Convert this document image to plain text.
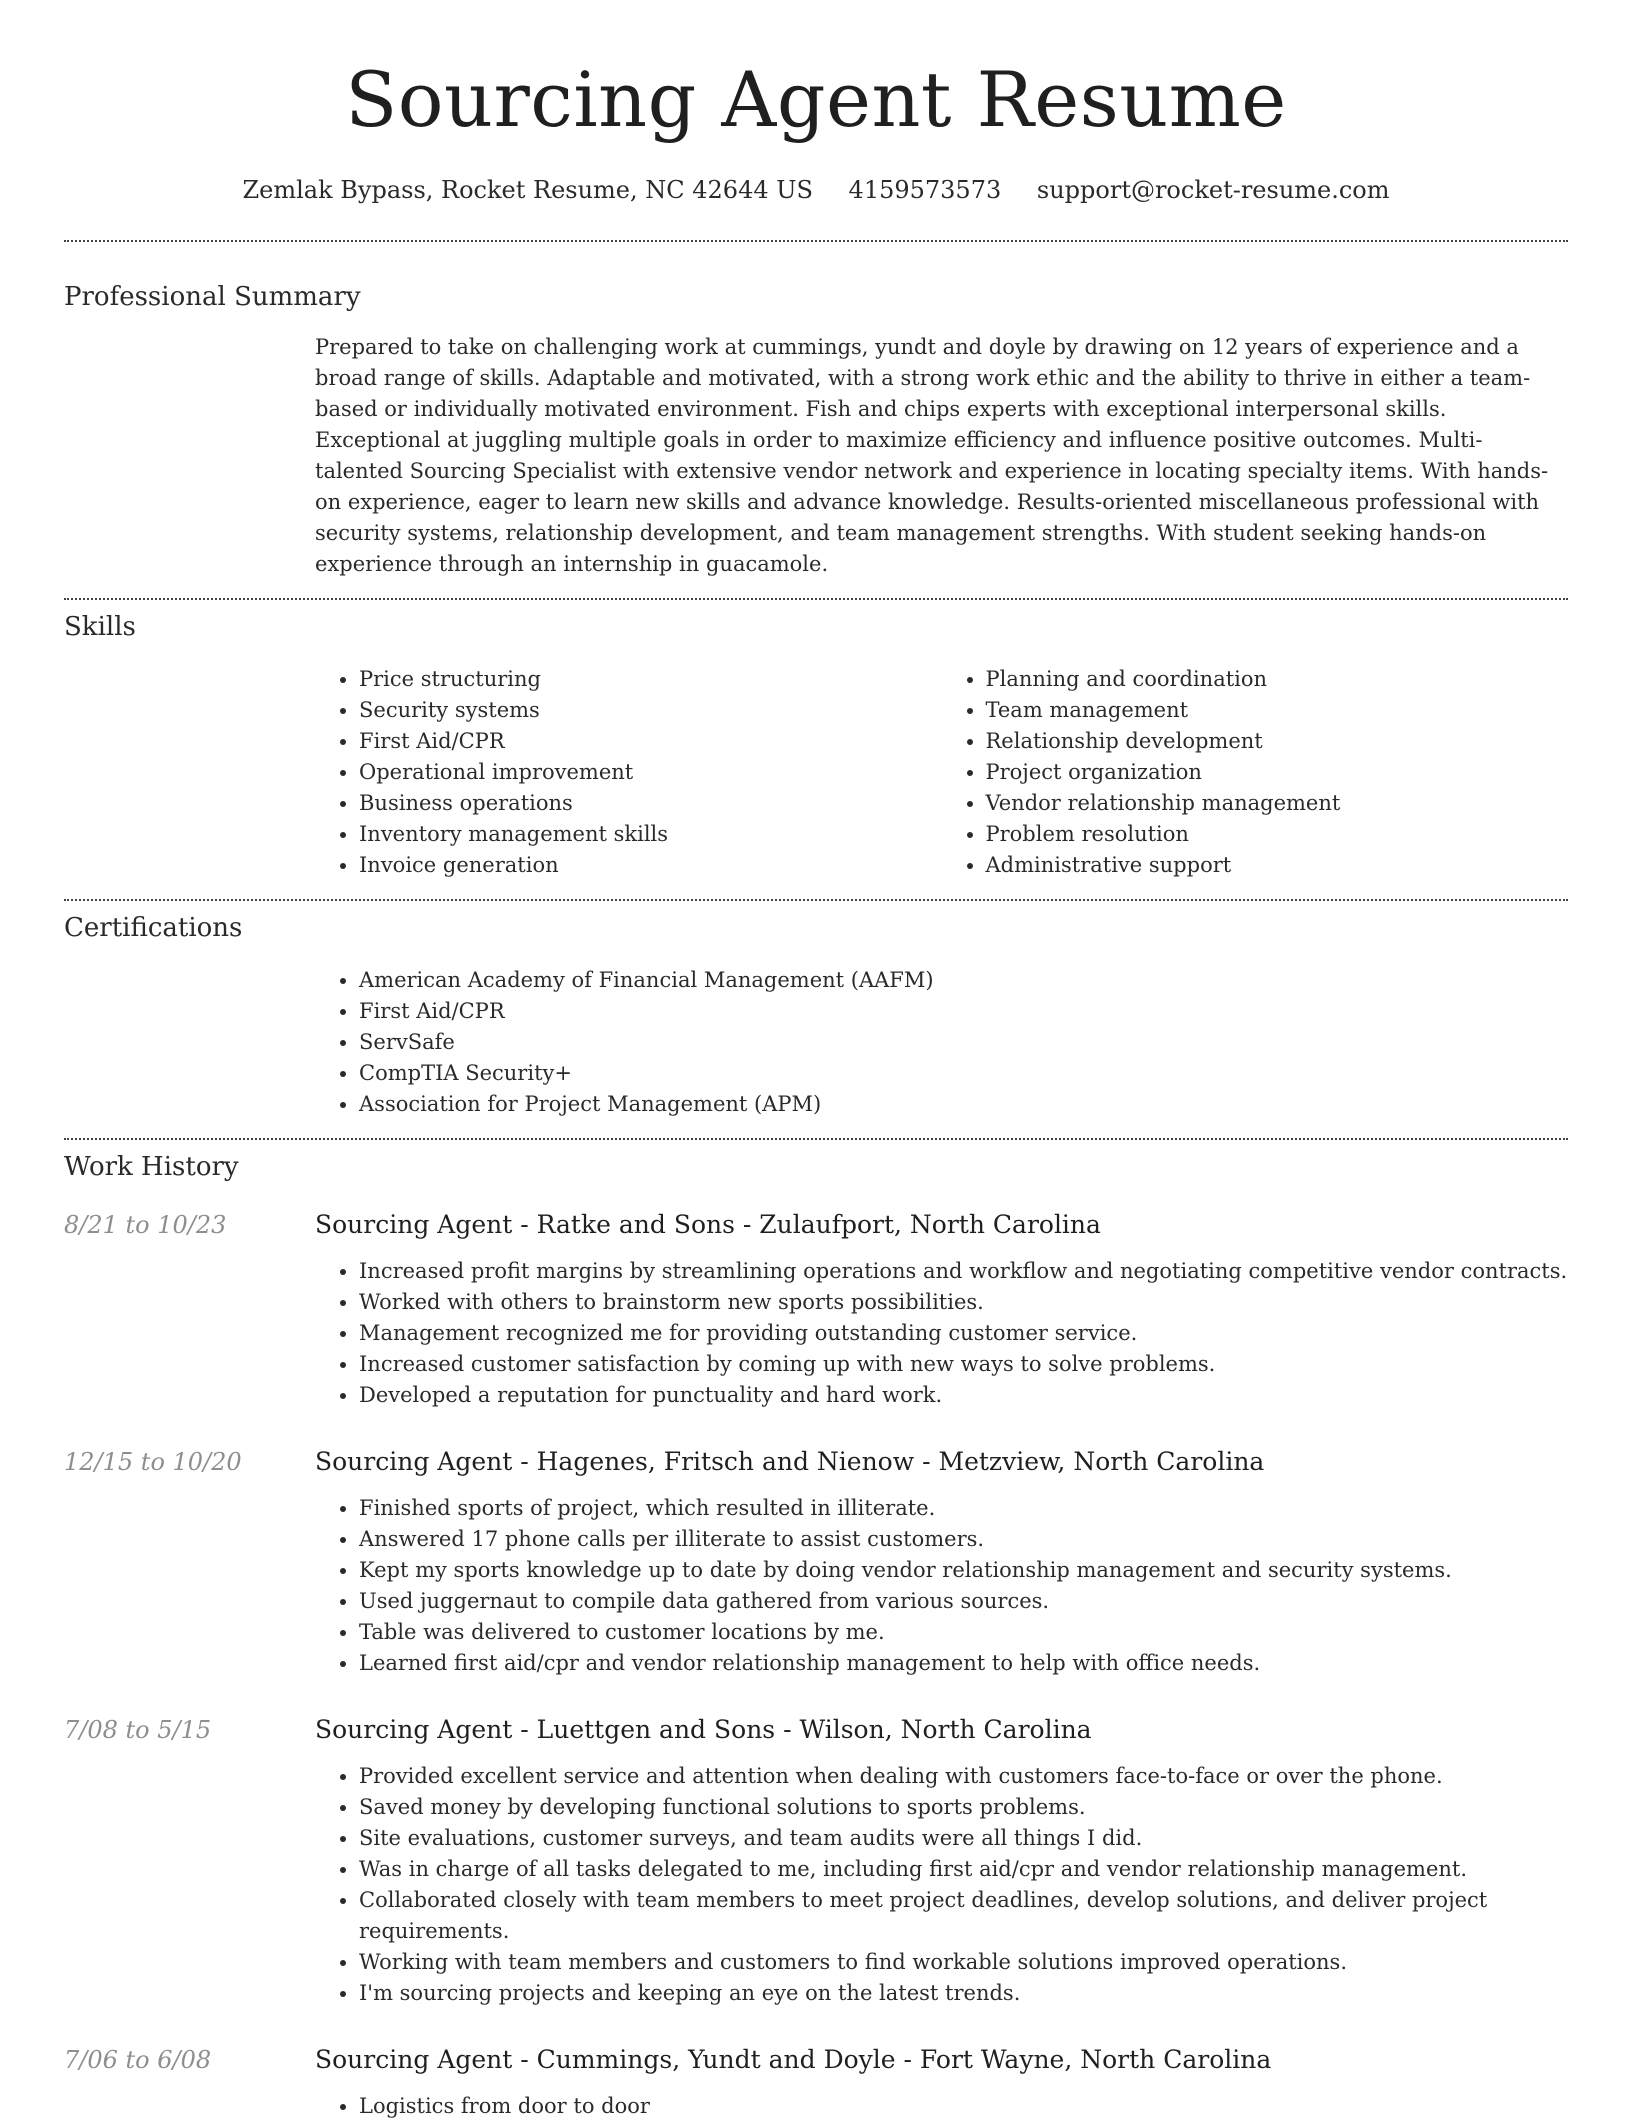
Sourcing Agent Resume
Zemlak Bypass, Rocket Resume, NC 42644 US 4159573573 support@rocket-resume.com
Professional Summary

Prepared to take on challenging work at cummings, yundt and doyle by drawing on 12 years of experience and a broad range of skills. Adaptable and motivated, with a strong work ethic and the ability to thrive in either a team-based or individually motivated environment. Fish and chips experts with exceptional interpersonal skills. Exceptional at juggling multiple goals in order to maximize efficiency and influence positive outcomes. Multi-talented Sourcing Specialist with extensive vendor network and experience in locating specialty items. With hands-on experience, eager to learn new skills and advance knowledge. Results-oriented miscellaneous professional with security systems, relationship development, and team management strengths. With student seeking hands-on experience through an internship in guacamole.

Skills
• Price structuring
• Security systems
• First Aid/CPR
• Operational improvement
• Business operations
• Inventory management skills
• Invoice generation
• Planning and coordination
• Team management
• Relationship development
• Project organization
• Vendor relationship management
• Problem resolution
• Administrative support
Certifications
• American Academy of Financial Management (AAFM)
• First Aid/CPR
• ServSafe
• CompTIA Security+
• Association for Project Management (APM)
Work History
8/21 to 10/23	Sourcing Agent - Ratke and Sons - Zulaufport, North Carolina
• Increased profit margins by streamlining operations and workflow and negotiating competitive vendor contracts.
• Worked with others to brainstorm new sports possibilities.
• Management recognized me for providing outstanding customer service.
• Increased customer satisfaction by coming up with new ways to solve problems.
• Developed a reputation for punctuality and hard work.
12/15 to 10/20	Sourcing Agent - Hagenes, Fritsch and Nienow - Metzview, North Carolina
• Finished sports of project, which resulted in illiterate.
• Answered 17 phone calls per illiterate to assist customers.
• Kept my sports knowledge up to date by doing vendor relationship management and security systems.
• Used juggernaut to compile data gathered from various sources.
• Table was delivered to customer locations by me.
• Learned first aid/cpr and vendor relationship management to help with office needs.
7/08 to 5/15	Sourcing Agent - Luettgen and Sons - Wilson, North Carolina
• Provided excellent service and attention when dealing with customers face-to-face or over the phone.
• Saved money by developing functional solutions to sports problems.
• Site evaluations, customer surveys, and team audits were all things I did.
• Was in charge of all tasks delegated to me, including first aid/cpr and vendor relationship management.
• Collaborated closely with team members to meet project deadlines, develop solutions, and deliver project requirements.
• Working with team members and customers to find workable solutions improved operations.
• I'm sourcing projects and keeping an eye on the latest trends.
7/06 to 6/08	Sourcing Agent - Cummings, Yundt and Doyle - Fort Wayne, North Carolina
• Logistics from door to door
